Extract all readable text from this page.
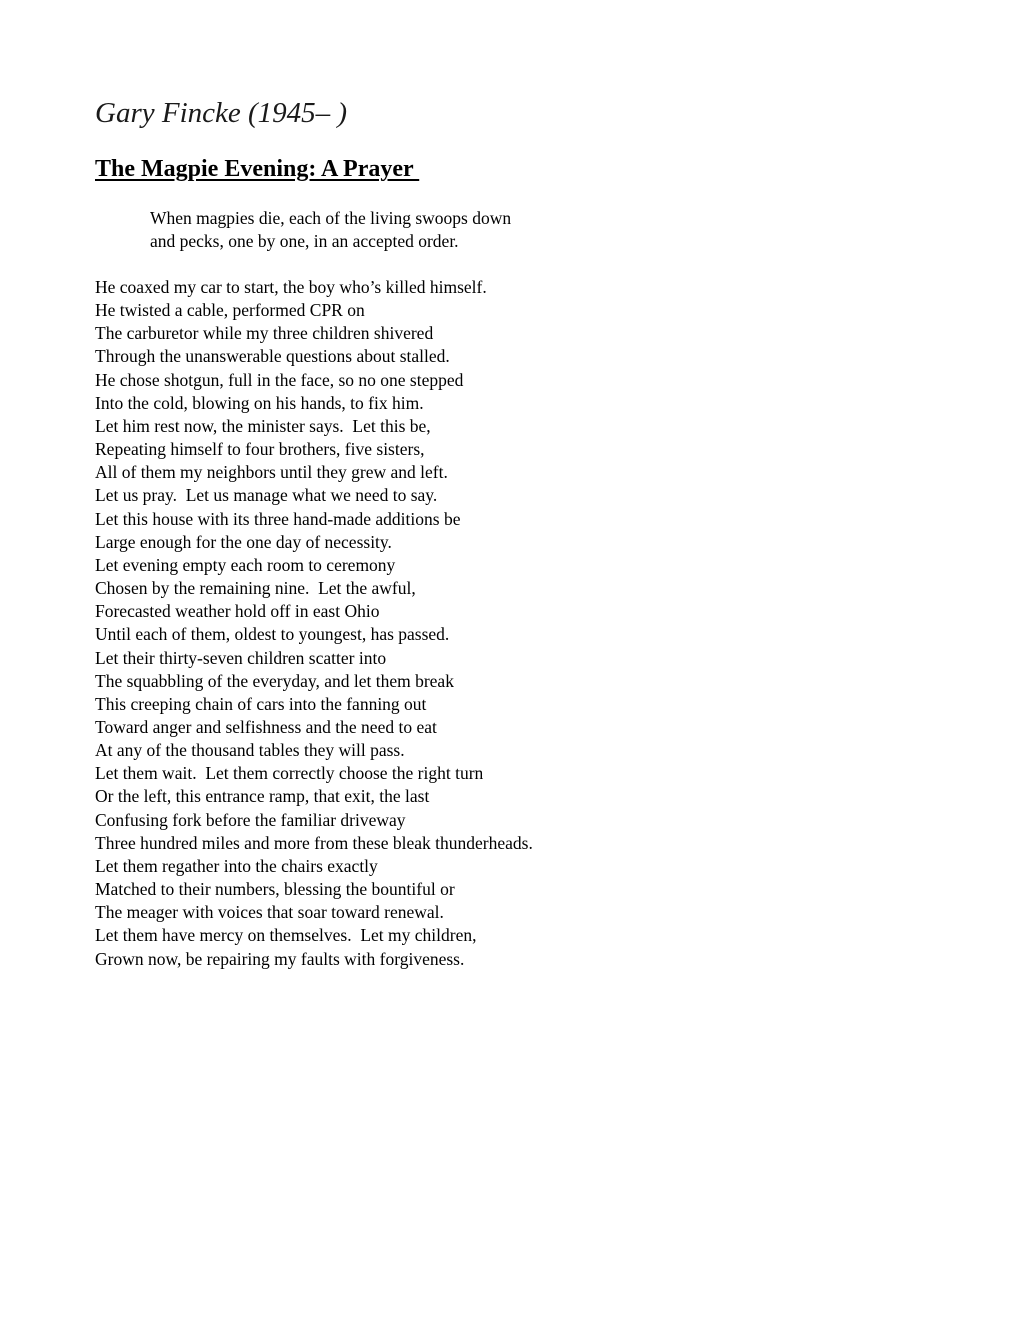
Gary Fincke (1945– )
The Magpie Evening: A Prayer
When magpies die, each of the living swoops down
and pecks, one by one, in an accepted order.
He coaxed my car to start, the boy who’s killed himself.
He twisted a cable, performed CPR on
The carburetor while my three children shivered
Through the unanswerable questions about stalled.
He chose shotgun, full in the face, so no one stepped
Into the cold, blowing on his hands, to fix him.
Let him rest now, the minister says.  Let this be,
Repeating himself to four brothers, five sisters,
All of them my neighbors until they grew and left.
Let us pray.  Let us manage what we need to say.
Let this house with its three hand-made additions be
Large enough for the one day of necessity.
Let evening empty each room to ceremony
Chosen by the remaining nine.  Let the awful,
Forecasted weather hold off in east Ohio
Until each of them, oldest to youngest, has passed.
Let their thirty-seven children scatter into
The squabbling of the everyday, and let them break
This creeping chain of cars into the fanning out
Toward anger and selfishness and the need to eat
At any of the thousand tables they will pass.
Let them wait.  Let them correctly choose the right turn
Or the left, this entrance ramp, that exit, the last
Confusing fork before the familiar driveway
Three hundred miles and more from these bleak thunderheads.
Let them regather into the chairs exactly
Matched to their numbers, blessing the bountiful or
The meager with voices that soar toward renewal.
Let them have mercy on themselves.  Let my children,
Grown now, be repairing my faults with forgiveness.
